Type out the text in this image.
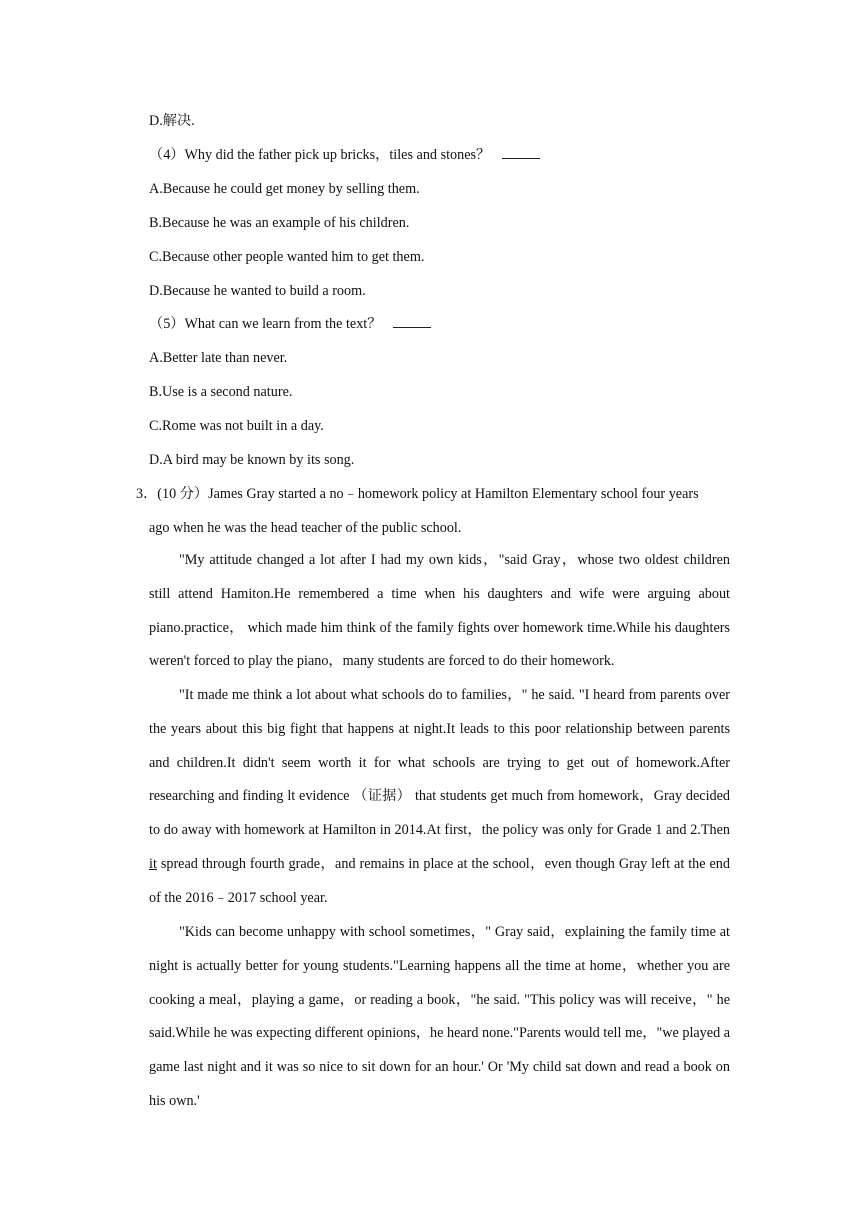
D.解决.
（4）Why did the father pick up bricks，tiles and stones？
A.Because he could get money by selling them.
B.Because he was an example of his children.
C.Because other people wanted him to get them.
D.Because he wanted to build a room.
（5）What can we learn from the text？
A.Better late than never.
B.Use is a second nature.
C.Rome was not built in a day.
D.A bird may be known by its song.
3．(10 分）James Gray started a no﹣homework policy at Hamilton Elementary school four years
ago when he was the head teacher of the public school.
"My attitude changed a lot after I had my own kids，"said Gray，whose two oldest children still attend Hamiton.He remembered a time when his daughters and wife were arguing about piano.practice， which made him think of the family fights over homework time.While his daughters weren't forced to play the piano，many students are forced to do their homework.
"It made me think a lot about what schools do to families，" he said. "I heard from parents over the years about this big fight that happens at night.It leads to this poor relationship between parents and children.It didn't seem worth it for what schools are trying to get out of homework.After researching and finding lt evidence （证据） that students get much from homework，Gray decided to do away with homework at Hamilton in 2014.At first，the policy was only for Grade 1 and 2.Then it spread through fourth grade，and remains in place at the school，even though Gray left at the end of the 2016﹣2017 school year.
"Kids can become unhappy with school sometimes，" Gray said，explaining the family time at night is actually better for young students."Learning happens all the time at home，whether you are cooking a meal，playing a game，or reading a book，"he said. "This policy was will receive，" he said.While he was expecting different opinions，he heard none."Parents would tell me，"we played a game last night and it was so nice to sit down for an hour.' Or 'My child sat down and read a book on his own.'
